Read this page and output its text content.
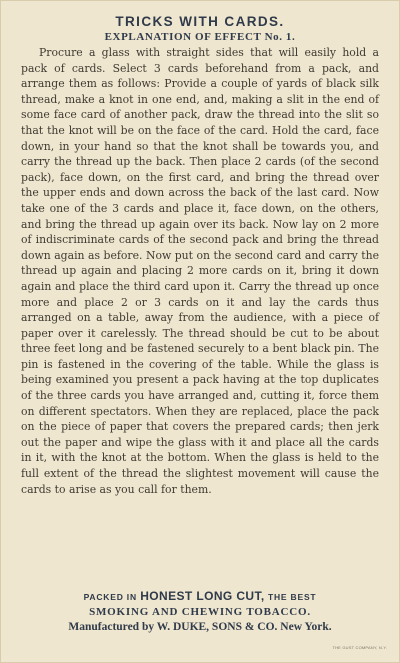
TRICKS WITH CARDS.
EXPLANATION OF EFFECT No. 1.

Procure a glass with straight sides that will easily hold a pack of cards. Select 3 cards beforehand from a pack, and arrange them as follows: Provide a couple of yards of black silk thread, make a knot in one end, and, making a slit in the end of some face card of another pack, draw the thread into the slit so that the knot will be on the face of the card. Hold the card, face down, in your hand so that the knot shall be towards you, and carry the thread up the back. Then place 2 cards (of the second pack), face down, on the first card, and bring the thread over the upper ends and down across the back of the last card. Now take one of the 3 cards and place it, face down, on the others, and bring the thread up again over its back. Now lay on 2 more of indiscriminate cards of the second pack and bring the thread down again as before. Now put on the second card and carry the thread up again and placing 2 more cards on it, bring it down again and place the third card upon it. Carry the thread up once more and place 2 or 3 cards on it and lay the cards thus arranged on a table, away from the audience, with a piece of paper over it carelessly. The thread should be cut to be about three feet long and be fastened securely to a bent black pin. The pin is fastened in the covering of the table. While the glass is being examined you present a pack having at the top duplicates of the three cards you have arranged and, cutting it, force them on different spectators. When they are replaced, place the pack on the piece of paper that covers the prepared cards; then jerk out the paper and wipe the glass with it and place all the cards in it, with the knot at the bottom. When the glass is held to the full extent of the thread the slightest movement will cause the cards to arise as you call for them.

PACKED IN HONEST LONG CUT, THE BEST
SMOKING AND CHEWING TOBACCO.
Manufactured by W. DUKE, SONS & CO. New York.
THE GUST COMPANY, N.Y.
